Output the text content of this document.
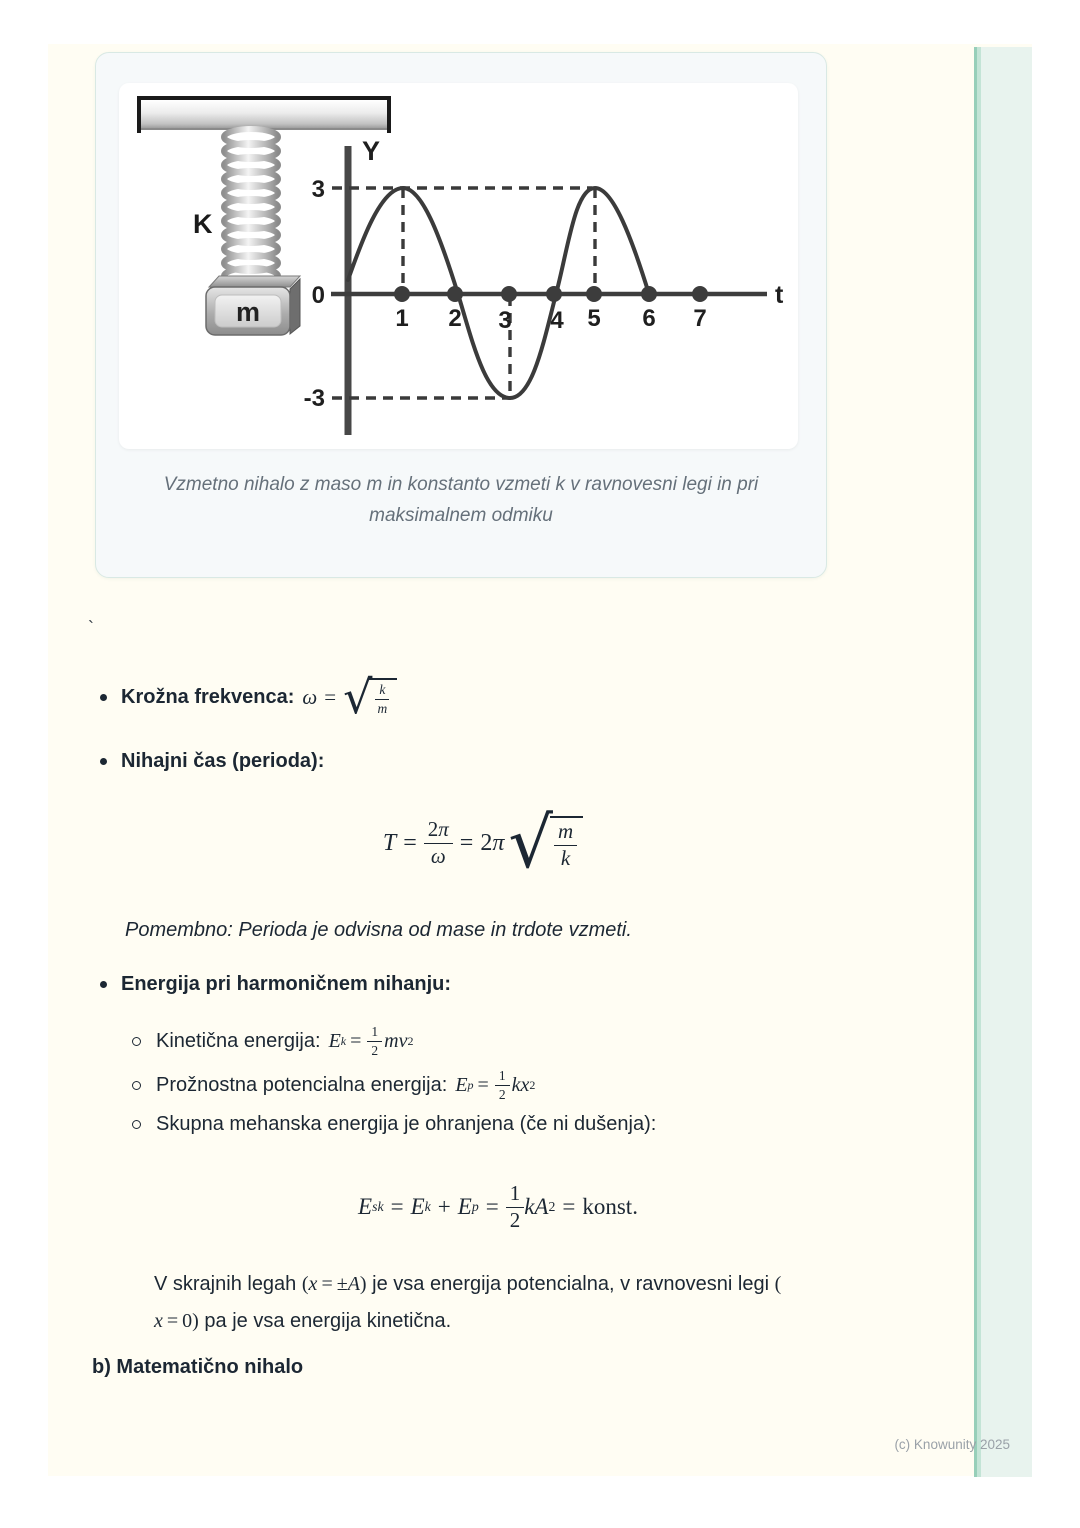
K
m
Y
t
3
0
-3
1 2 3 4 5 6 7
Vzmetno nihalo z maso m in konstanto vzmeti k v ravnovesni legi in pri
maksimalnem odmiku
`
Krožna frekvenca: ω = √ $\frac{k}{m}$
Nihajni čas (perioda):
$T = \frac{2\pi}{\omega} = 2$ π √ $\frac{m}{k}$
Pomembno: Perioda je odvisna od mase in trdote vzmeti.
Energija pri harmoničnem nihanju:
Kinetična energija: E $k = \frac{1}{2}$ mv 2
Prožnostna potencialna energija: E $p = \frac{1}{2}$ kx 2
Skupna mehanska energija je ohranjena (če ni dušenja):
E sk = E k + E $p = \frac{1}{2}$ kA 2 = konst.
V skrajnih legah (x = ±A) je vsa energija potencialna, v ravnovesni legi (
x = 0) pa je vsa energija kinetična.
b) Matematično nihalo
(c) Knowunity 2025
